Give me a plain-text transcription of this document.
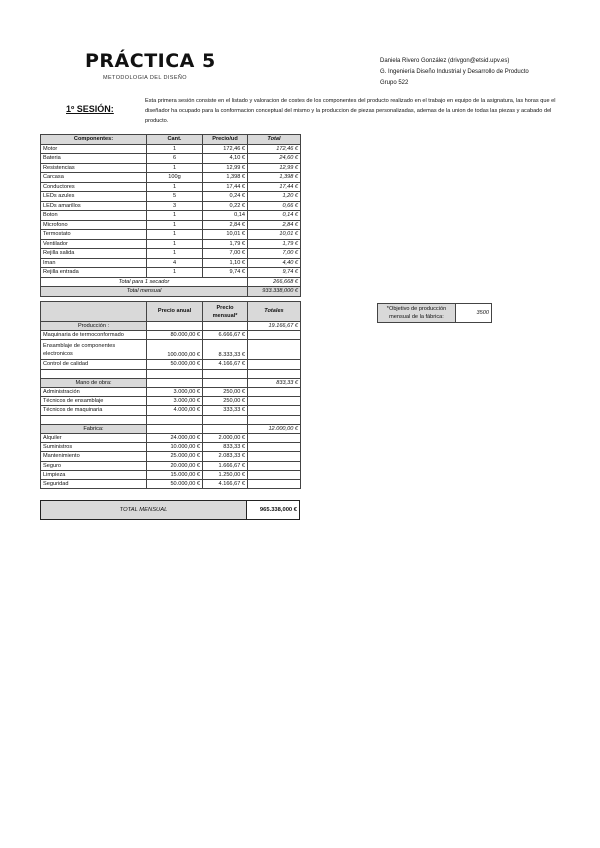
PRÁCTICA 5
METODOLOGIA DEL DISEÑO
Daniela Rivero González (drivgon@etsid.upv.es)
G. Ingeniería Diseño Industrial y Desarrollo de Producto
Grupo 522
1º SESIÓN:
Esta primera sesión consiste en el listado y valoracion de costes de los componentes del producto realizado en el trabajo en equipo de la asignatura, las horas que el diseñador ha ocupado para la conformacion conceptual del mismo y la produccion de piezas personalizadas, ademas de la union de todas las piezas y acabado del producto.
Componentes:	Cant.	Precio/ud	Total
Motor	1	172,46 €	172,46 €
Bateria	6	4,10 €	24,60 €
Resistencias	1	12,99 €	12,99 €
Carcasa	100g	1,398 €	1,398 €
Conductores	1	17,44 €	17,44 €
LEDs azules	5	0,24 €	1,20 €
LEDs amarillos	3	0,22 €	0,66 €
Boton	1	0,14	0,14 €
Microfono	1	2,84 €	2,84 €
Termostato	1	10,01 €	10,01 €
Ventilador	1	1,79 €	1,79 €
Rejilla salida	1	7,00 €	7,00 €
Iman	4	1,10 €	4,40 €
Rejilla entrada	1	9,74 €	9,74 €
Total para 1 secador			266,668 €
Total mensual			933.338,000 €
	Precio anual	Precio mensual*	Totales
Producción :			19.166,67 €
Maquinaria de termoconformado	80.000,00 €	6.666,67 €	
Ensamblaje de componentes electronicos	100.000,00 €	8.333,33 €	
Control de calidad	50.000,00 €	4.166,67 €	

Mano de obra:			833,33 €
Administración	3.000,00 €	250,00 €	
Técnicos de ensamblaje	3.000,00 €	250,00 €	
Técnicos de maquinaria	4.000,00 €	333,33 €	

Fabrica:			12.000,00 €
Alquiler	24.000,00 €	2.000,00 €	
Suministros	10.000,00 €	833,33 €	
Mantenimiento	25.000,00 €	2.083,33 €	
Seguro	20.000,00 €	1.666,67 €	
Limpieza	15.000,00 €	1.250,00 €	
Seguridad	50.000,00 €	4.166,67 €	
*Objetivo de producción mensual de la fábrica:	3500
TOTAL MENSUAL	965.338,000 €
